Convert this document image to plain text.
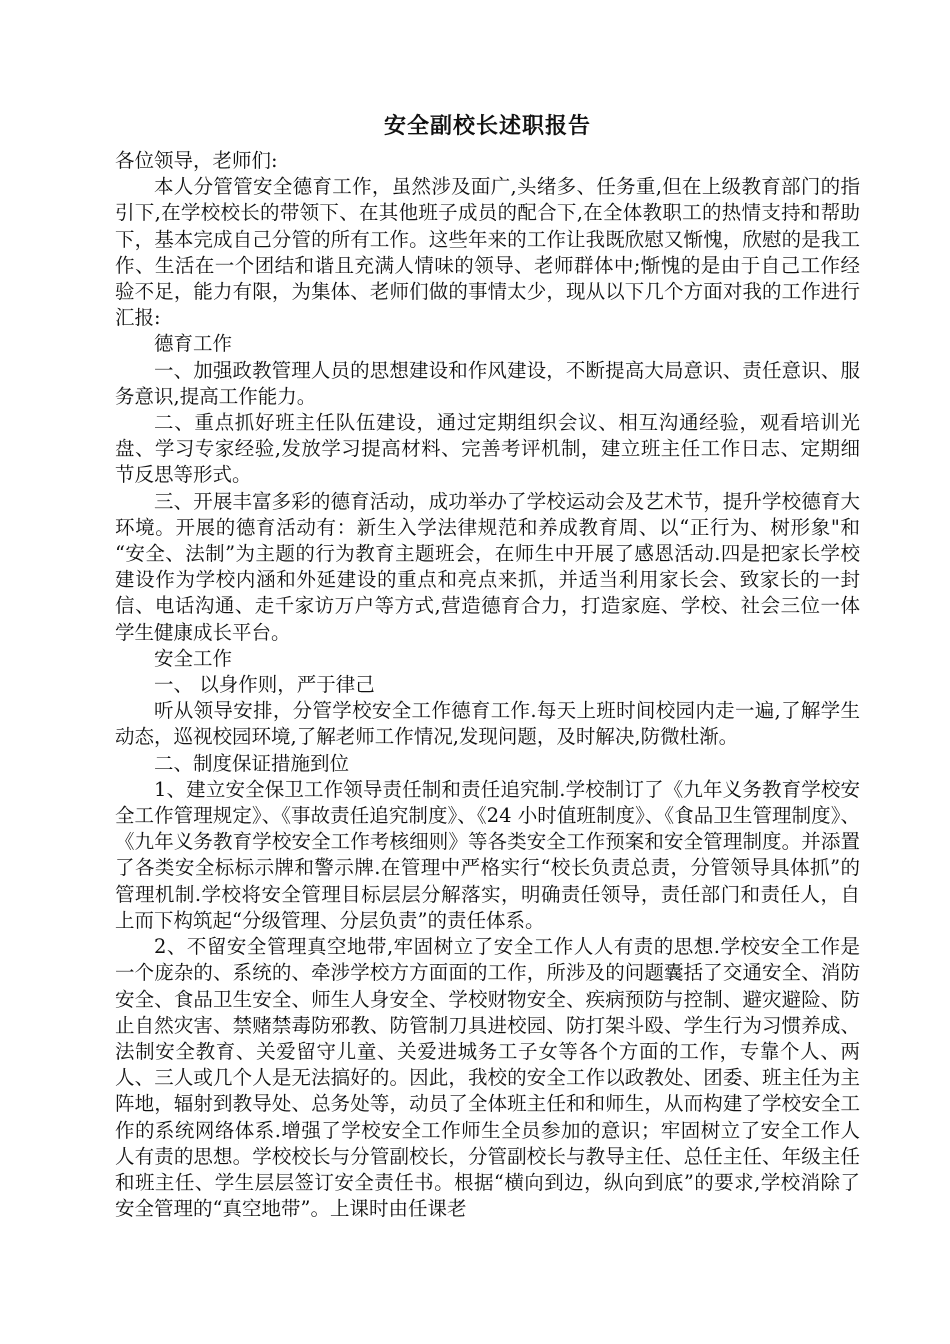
安全副校长述职报告

各位领导，老师们:

本人分管管安全德育工作，虽然涉及面广,头绪多、任务重,但在上级教育部门的指引下,在学校校长的带领下、在其他班子成员的配合下,在全体教职工的热情支持和帮助下，基本完成自己分管的所有工作。这些年来的工作让我既欣慰又惭愧，欣慰的是我工作、生活在一个团结和谐且充满人情味的领导、老师群体中;惭愧的是由于自己工作经验不足，能力有限，为集体、老师们做的事情太少，现从以下几个方面对我的工作进行汇报:

德育工作

一、加强政教管理人员的思想建设和作风建设，不断提高大局意识、责任意识、服务意识,提高工作能力。

二、重点抓好班主任队伍建设，通过定期组织会议、相互沟通经验，观看培训光盘、学习专家经验,发放学习提高材料、完善考评机制，建立班主任工作日志、定期细节反思等形式。

三、开展丰富多彩的德育活动，成功举办了学校运动会及艺术节，提升学校德育大环境。开展的德育活动有：新生入学法律规范和养成教育周、以“正行为、树形象"和 “安全、法制”为主题的行为教育主题班会，在师生中开展了感恩活动.四是把家长学校建设作为学校内涵和外延建设的重点和亮点来抓，并适当利用家长会、致家长的一封信、电话沟通、走千家访万户等方式,营造德育合力，打造家庭、学校、社会三位一体学生健康成长平台。

安全工作

一、 以身作则，严于律己

听从领导安排，分管学校安全工作德育工作.每天上班时间校园内走一遍,了解学生动态，巡视校园环境,了解老师工作情况,发现问题，及时解决,防微杜渐。

二、制度保证措施到位

1、建立安全保卫工作领导责任制和责任追究制.学校制订了《九年义务教育学校安全工作管理规定》、《事故责任追究制度》、《24 小时值班制度》、《食品卫生管理制度》、《九年义务教育学校安全工作考核细则》等各类安全工作预案和安全管理制度。并添置了各类安全标标示牌和警示牌.在管理中严格实行“校长负责总责，分管领导具体抓”的管理机制.学校将安全管理目标层层分解落实，明确责任领导，责任部门和责任人，自上而下构筑起“分级管理、分层负责”的责任体系。

2、不留安全管理真空地带,牢固树立了安全工作人人有责的思想.学校安全工作是一个庞杂的、系统的、牵涉学校方方面面的工作，所涉及的问题囊括了交通安全、消防安全、食品卫生安全、师生人身安全、学校财物安全、疾病预防与控制、避灾避险、防止自然灾害、禁赌禁毒防邪教、防管制刀具进校园、防打架斗殴、学生行为习惯养成、法制安全教育、关爱留守儿童、关爱进城务工子女等各个方面的工作，专靠个人、两人、三人或几个人是无法搞好的。因此，我校的安全工作以政教处、团委、班主任为主阵地，辐射到教导处、总务处等，动员了全体班主任和和师生，从而构建了学校安全工作的系统网络体系.增强了学校安全工作师生全员参加的意识；牢固树立了安全工作人人有责的思想。学校校长与分管副校长，分管副校长与教导主任、总任主任、年级主任和班主任、学生层层签订安全责任书。根据“横向到边，纵向到底”的要求,学校消除了安全管理的“真空地带”。上课时由任课老
